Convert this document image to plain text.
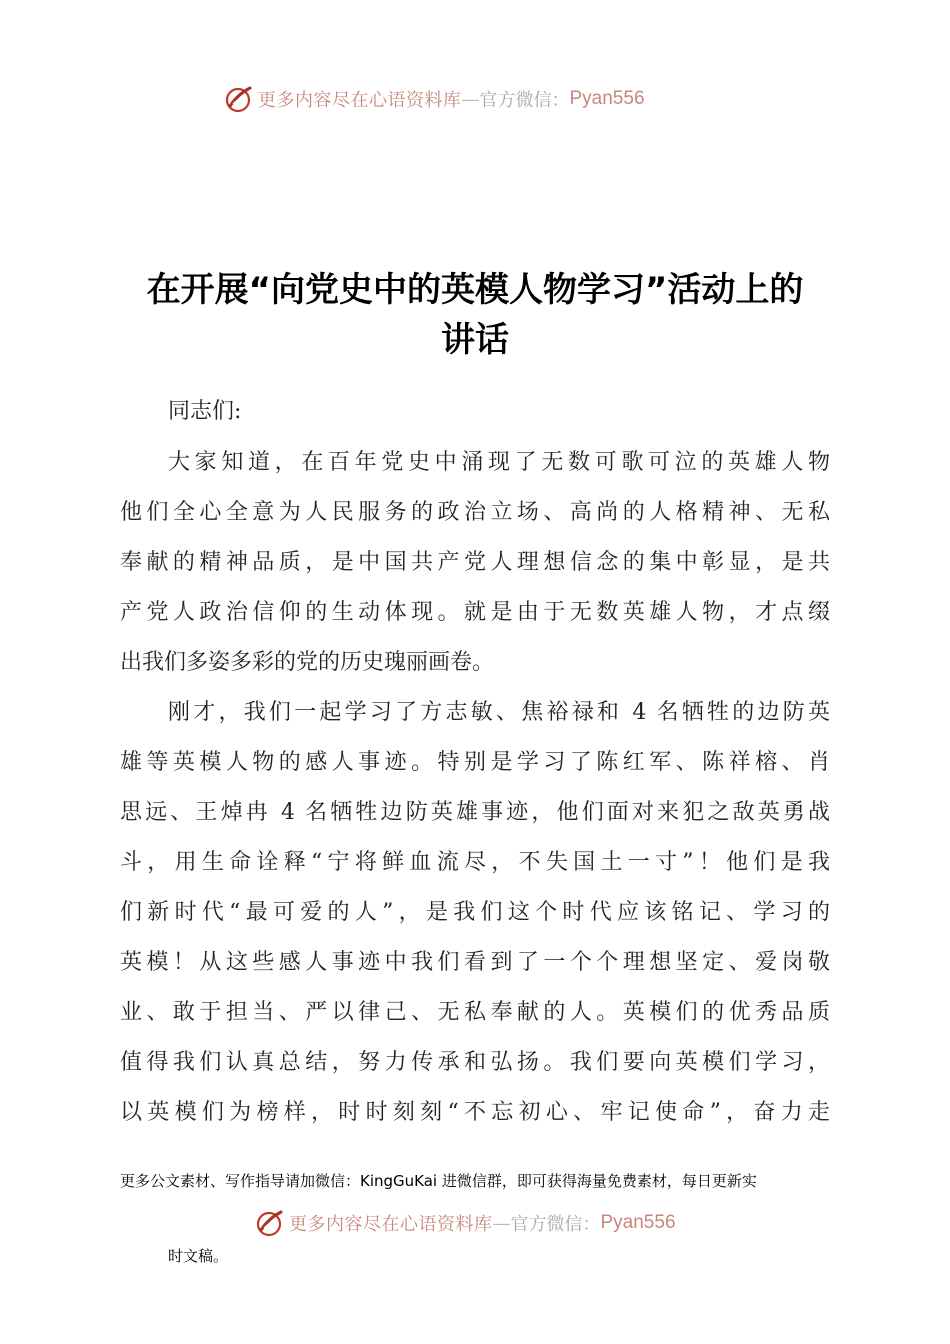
更多内容尽在心语资料库 — 官方微信： Pyan556
在开展“向党史中的英模人物学习”活动上的
讲话
同志们:
大家知道，在百年党史中涌现了无数可歌可泣的英雄人物
他们全心全意为人民服务的政治立场、高尚的人格精神、无私
奉献的精神品质，是中国共产党人理想信念的集中彰显，是共
产党人政治信仰的生动体现。就是由于无数英雄人物，才点缀
出我们多姿多彩的党的历史瑰丽画卷。
刚才，我们一起学习了方志敏、焦裕禄和 4 名牺牲的边防英
雄等英模人物的感人事迹。特别是学习了陈红军、陈祥榕、肖
思远、王焯冉 4 名牺牲边防英雄事迹，他们面对来犯之敌英勇战
斗，用生命诠释“宁将鲜血流尽，不失国土一寸”！他们是我
们新时代“最可爱的人”，是我们这个时代应该铭记、学习的
英模！从这些感人事迹中我们看到了一个个理想坚定、爱岗敬
业、敢于担当、严以律己、无私奉献的人。英模们的优秀品质
值得我们认真总结，努力传承和弘扬。我们要向英模们学习，
以英模们为榜样，时时刻刻“不忘初心、牢记使命”，奋力走
更多公文素材、写作指导请加微信：KingGuKai 进微信群，即可获得海量免费素材，每日更新实
更多内容尽在心语资料库 — 官方微信： Pyan556
时文稿。
